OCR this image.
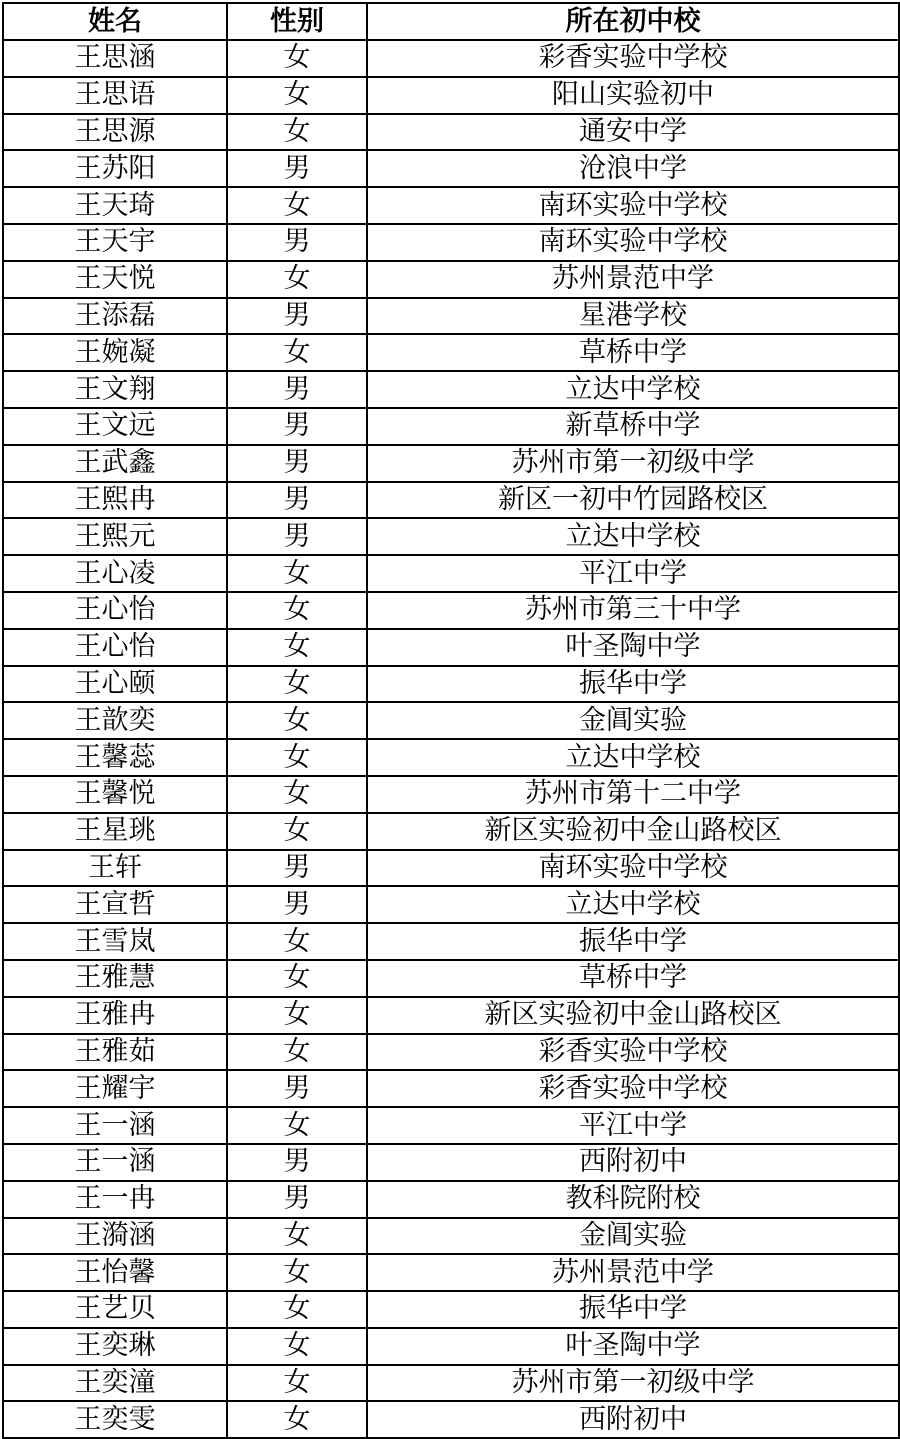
姓名	性别	所在初中校
王思涵	女	彩香实验中学校
王思语	女	阳山实验初中
王思源	女	通安中学
王苏阳	男	沧浪中学
王天琦	女	南环实验中学校
王天宇	男	南环实验中学校
王天悦	女	苏州景范中学
王添磊	男	星港学校
王婉凝	女	草桥中学
王文翔	男	立达中学校
王文远	男	新草桥中学
王武鑫	男	苏州市第一初级中学
王熙冉	男	新区一初中竹园路校区
王熙元	男	立达中学校
王心凌	女	平江中学
王心怡	女	苏州市第三十中学
王心怡	女	叶圣陶中学
王心颐	女	振华中学
王歆奕	女	金阊实验
王馨蕊	女	立达中学校
王馨悦	女	苏州市第十二中学
王星珧	女	新区实验初中金山路校区
王轩	男	南环实验中学校
王宣哲	男	立达中学校
王雪岚	女	振华中学
王雅慧	女	草桥中学
王雅冉	女	新区实验初中金山路校区
王雅茹	女	彩香实验中学校
王耀宇	男	彩香实验中学校
王一涵	女	平江中学
王一涵	男	西附初中
王一冉	男	教科院附校
王漪涵	女	金阊实验
王怡馨	女	苏州景范中学
王艺贝	女	振华中学
王奕琳	女	叶圣陶中学
王奕潼	女	苏州市第一初级中学
王奕雯	女	西附初中
